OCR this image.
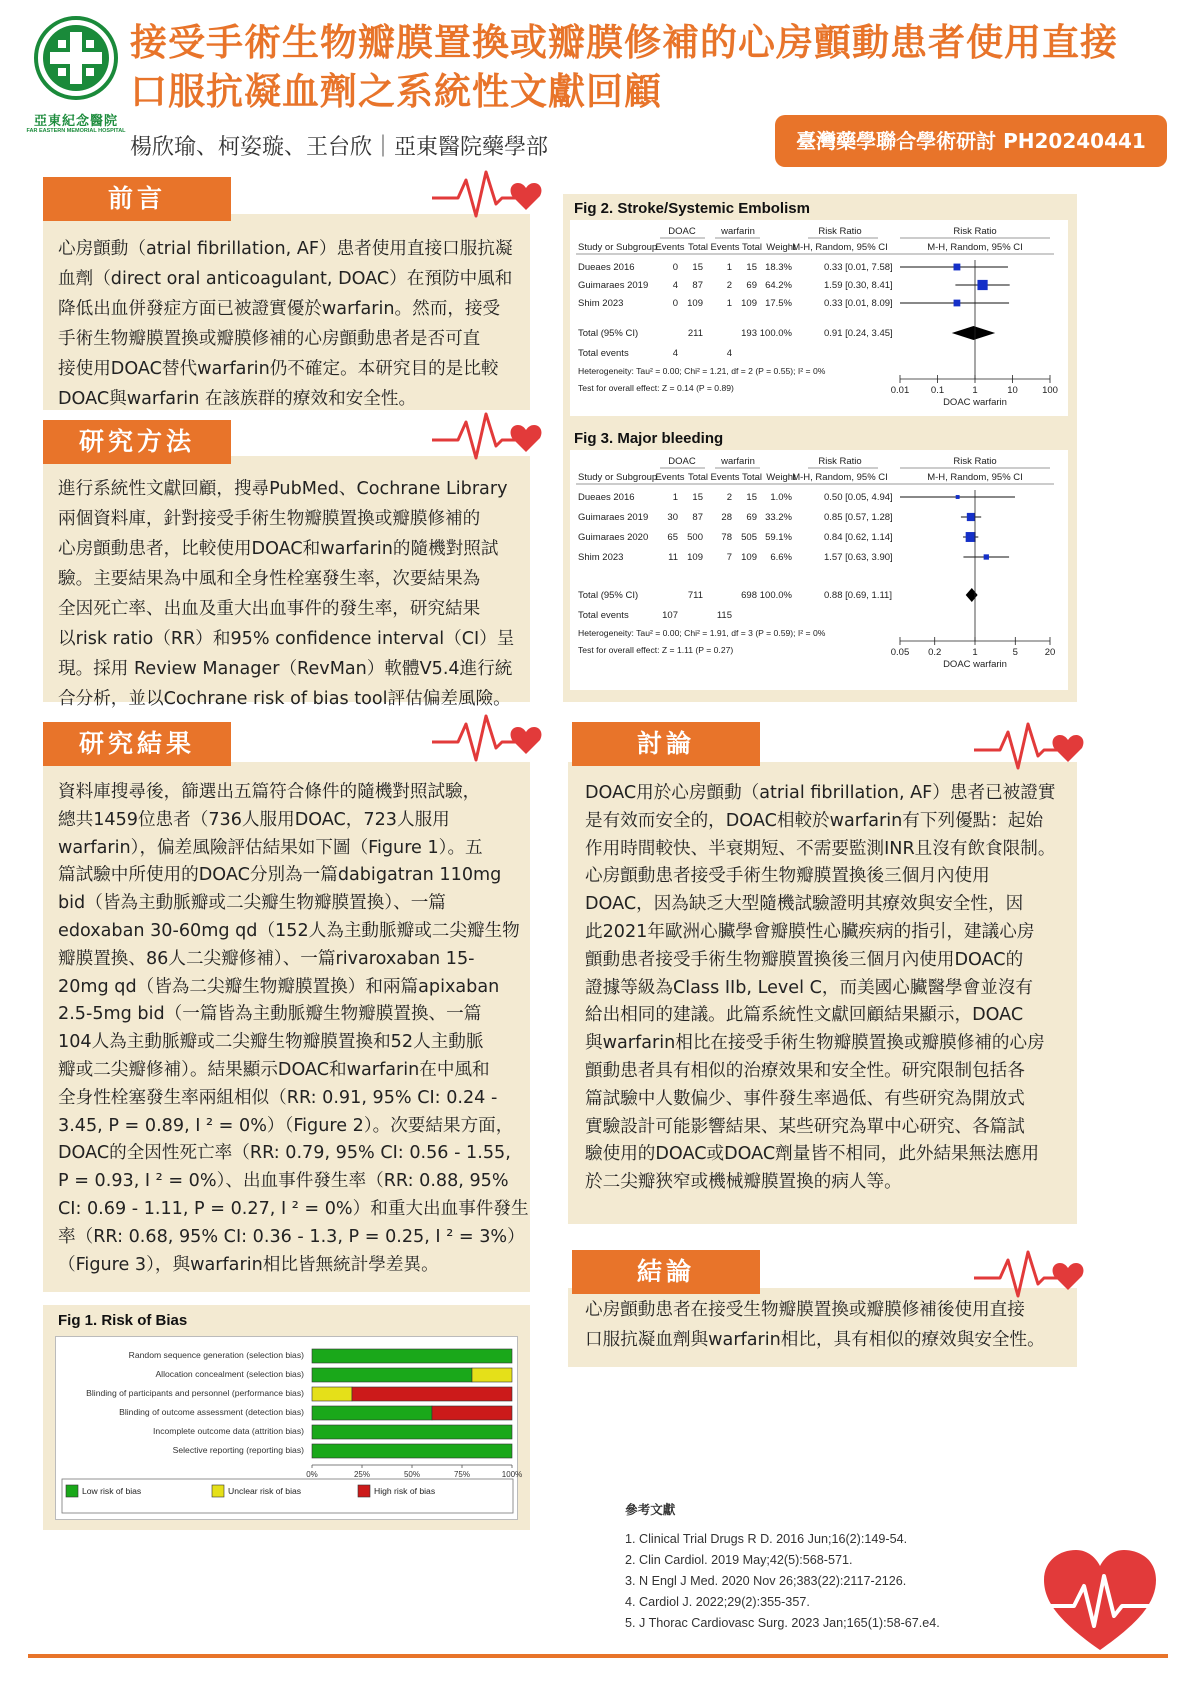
亞東紀念醫院
FAR EASTERN MEMORIAL HOSPITAL
接受手術生物瓣膜置換或瓣膜修補的心房顫動患者使用直接
口服抗凝血劑之系統性文獻回顧
楊欣瑜、柯姿璇、王台欣｜亞東醫院藥學部	臺灣藥學聯合學術研討 PH20240441
前言
心房顫動（atrial fibrillation, AF）患者使用直接口服抗凝
血劑（direct oral anticoagulant, DOAC）在預防中風和
降低出血併發症方面已被證實優於warfarin。然而，接受
手術生物瓣膜置換或瓣膜修補的心房顫動患者是否可直
接使用DOAC替代warfarin仍不確定。本研究目的是比較
DOAC與warfarin 在該族群的療效和安全性。
研究方法
進行系統性文獻回顧，搜尋PubMed、Cochrane Library
兩個資料庫，針對接受手術生物瓣膜置換或瓣膜修補的
心房顫動患者，比較使用DOAC和warfarin的隨機對照試
驗。主要結果為中風和全身性栓塞發生率，次要結果為
全因死亡率、出血及重大出血事件的發生率，研究結果
以risk ratio（RR）和95% confidence interval（CI）呈
現。採用 Review Manager（RevMan）軟體V5.4進行統
合分析，並以Cochrane risk of bias tool評估偏差風險。
研究結果
資料庫搜尋後，篩選出五篇符合條件的隨機對照試驗，
總共1459位患者（736人服用DOAC，723人服用
warfarin），偏差風險評估結果如下圖（Figure 1）。五
篇試驗中所使用的DOAC分別為一篇dabigatran 110mg
bid（皆為主動脈瓣或二尖瓣生物瓣膜置換）、一篇
edoxaban 30-60mg qd（152人為主動脈瓣或二尖瓣生物
瓣膜置換、86人二尖瓣修補）、一篇rivaroxaban 15-
20mg qd（皆為二尖瓣生物瓣膜置換）和兩篇apixaban
2.5-5mg bid（一篇皆為主動脈瓣生物瓣膜置換、一篇
104人為主動脈瓣或二尖瓣生物瓣膜置換和52人主動脈
瓣或二尖瓣修補）。結果顯示DOAC和warfarin在中風和
全身性栓塞發生率兩組相似（RR: 0.91, 95% CI: 0.24 -
3.45, P = 0.89, I ² = 0%）（Figure 2）。次要結果方面，
DOAC的全因性死亡率（RR: 0.79, 95% CI: 0.56 - 1.55,
P = 0.93, I ² = 0%）、出血事件發生率（RR: 0.88, 95%
CI: 0.69 - 1.11, P = 0.27, I ² = 0%）和重大出血事件發生
率（RR: 0.68, 95% CI: 0.36 - 1.3, P = 0.25, I ² = 3%）
（Figure 3），與warfarin相比皆無統計學差異。
Fig 1. Risk of Bias
Random sequence generation (selection bias)
Allocation concealment (selection bias)
Blinding of participants and personnel (performance bias)
Blinding of outcome assessment (detection bias)
Incomplete outcome data (attrition bias)
Selective reporting (reporting bias)
0%	25%	50%	75%	100%
Low risk of bias	Unclear risk of bias	High risk of bias
Fig 2. Stroke/Systemic Embolism
DOAC	warfarin	Risk Ratio	Risk Ratio
Study or Subgroup
Events Total Events Total Weight
M-H, Random, 95% CI	M-H, Random, 95% CI
Dueaes 2016	0 15 1 15 18.3%	0.33 [0.01, 7.58]
Guimaraes 2019	4 87 2 69 64.2%	1.59 [0.30, 8.41]
Shim 2023	0 109 1 109 17.5%	0.33 [0.01, 8.09]
Total (95% CI)	211	193 100.0%	0.91 [0.24, 3.45]
Total events	4	4
Heterogeneity: Tau² = 0.00; Chi² = 1.21, df = 2 (P = 0.55); I² = 0%
Test for overall effect: Z = 0.14 (P = 0.89)	0.01 0.1	1	10	100
DOAC warfarin
Fig 3. Major bleeding
DOAC	warfarin	Risk Ratio	Risk Ratio
Study or Subgroup
Events Total Events Total Weight
M-H, Random, 95% CI	M-H, Random, 95% CI
Dueaes 2016	1 15 2 15 1.0%	0.50 [0.05, 4.94]
Guimaraes 2019 30 87 28 69 33.2%	0.85 [0.57, 1.28]
Guimaraes 2020 65 500 78 505 59.1%	0.84 [0.62, 1.14]
Shim 2023	11 109 7 109 6.6%	1.57 [0.63, 3.90]
Total (95% CI)	711	698 100.0%	0.88 [0.69, 1.11]
Total events	107	115
Heterogeneity: Tau² = 0.00; Chi² = 1.91, df = 3 (P = 0.59); I² = 0%
Test for overall effect: Z = 1.11 (P = 0.27)	0.05 0.2	1	5	20
DOAC warfarin
討論
DOAC用於心房顫動（atrial fibrillation, AF）患者已被證實
是有效而安全的，DOAC相較於warfarin有下列優點：起始
作用時間較快、半衰期短、不需要監測INR且沒有飲食限制。
心房顫動患者接受手術生物瓣膜置換後三個月內使用
DOAC，因為缺乏大型隨機試驗證明其療效與安全性，因
此2021年歐洲心臟學會瓣膜性心臟疾病的指引，建議心房
顫動患者接受手術生物瓣膜置換後三個月內使用DOAC的
證據等級為Class IIb, Level C，而美國心臟醫學會並沒有
給出相同的建議。此篇系統性文獻回顧結果顯示，DOAC
與warfarin相比在接受手術生物瓣膜置換或瓣膜修補的心房
顫動患者具有相似的治療效果和安全性。研究限制包括各
篇試驗中人數偏少、事件發生率過低、有些研究為開放式
實驗設計可能影響結果、某些研究為單中心研究、各篇試
驗使用的DOAC或DOAC劑量皆不相同，此外結果無法應用
於二尖瓣狹窄或機械瓣膜置換的病人等。
結論
心房顫動患者在接受生物瓣膜置換或瓣膜修補後使用直接
口服抗凝血劑與warfarin相比，具有相似的療效與安全性。
參考文獻
1. Clinical Trial Drugs R D. 2016 Jun;16(2):149-54.
2. Clin Cardiol. 2019 May;42(5):568-571.
3. N Engl J Med. 2020 Nov 26;383(22):2117-2126.
4. Cardiol J. 2022;29(2):355-357.
5. J Thorac Cardiovasc Surg. 2023 Jan;165(1):58-67.e4.
